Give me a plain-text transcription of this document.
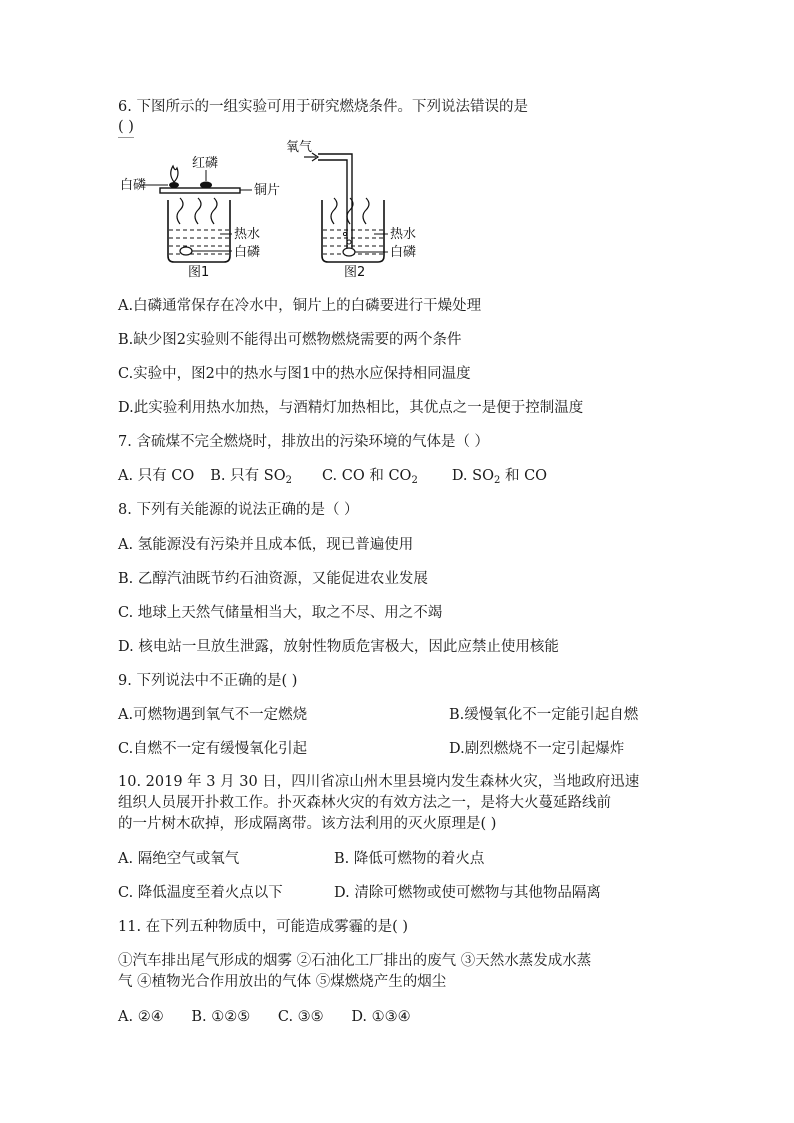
6. 下图所示的一组实验可用于研究燃烧条件。下列说法错误的是
( )
红磷
白磷	铜片
热水
白磷
图1
氧气
热水
白磷
图2
A.白磷通常保存在冷水中，铜片上的白磷要进行干燥处理
B.缺少图2实验则不能得出可燃物燃烧需要的两个条件
C.实验中，图2中的热水与图1中的热水应保持相同温度
D.此实验利用热水加热，与酒精灯加热相比，其优点之一是便于控制温度
7. 含硫煤不完全燃烧时，排放出的污染环境的气体是（ ）
A. 只有 CO B. 只有 $SO_2$ C. CO 和 $CO_2$ D. $SO_2$ 和 CO
8. 下列有关能源的说法正确的是（ ）
A. 氢能源没有污染并且成本低，现已普遍使用
B. 乙醇汽油既节约石油资源，又能促进农业发展
C. 地球上天然气储量相当大，取之不尽、用之不竭
D. 核电站一旦放生泄露，放射性物质危害极大，因此应禁止使用核能
9. 下列说法中不正确的是( )
A.可燃物遇到氧气不一定燃烧	B.缓慢氧化不一定能引起自燃
C.自燃不一定有缓慢氧化引起	D.剧烈燃烧不一定引起爆炸
10. 2019 年 3 月 30 日，四川省凉山州木里县境内发生森林火灾，当地政府迅速
组织人员展开扑救工作。扑灭森林火灾的有效方法之一，是将大火蔓延路线前
的一片树木砍掉，形成隔离带。该方法利用的灭火原理是( )
A. 隔绝空气或氧气	B. 降低可燃物的着火点
C. 降低温度至着火点以下	D. 清除可燃物或使可燃物与其他物品隔离
11. 在下列五种物质中，可能造成雾霾的是( )
①汽车排出尾气形成的烟雾 ②石油化工厂排出的废气 ③天然水蒸发成水蒸
气 ④植物光合作用放出的气体 ⑤煤燃烧产生的烟尘
A. ②④      B. ①②⑤      C. ③⑤      D. ①③④
